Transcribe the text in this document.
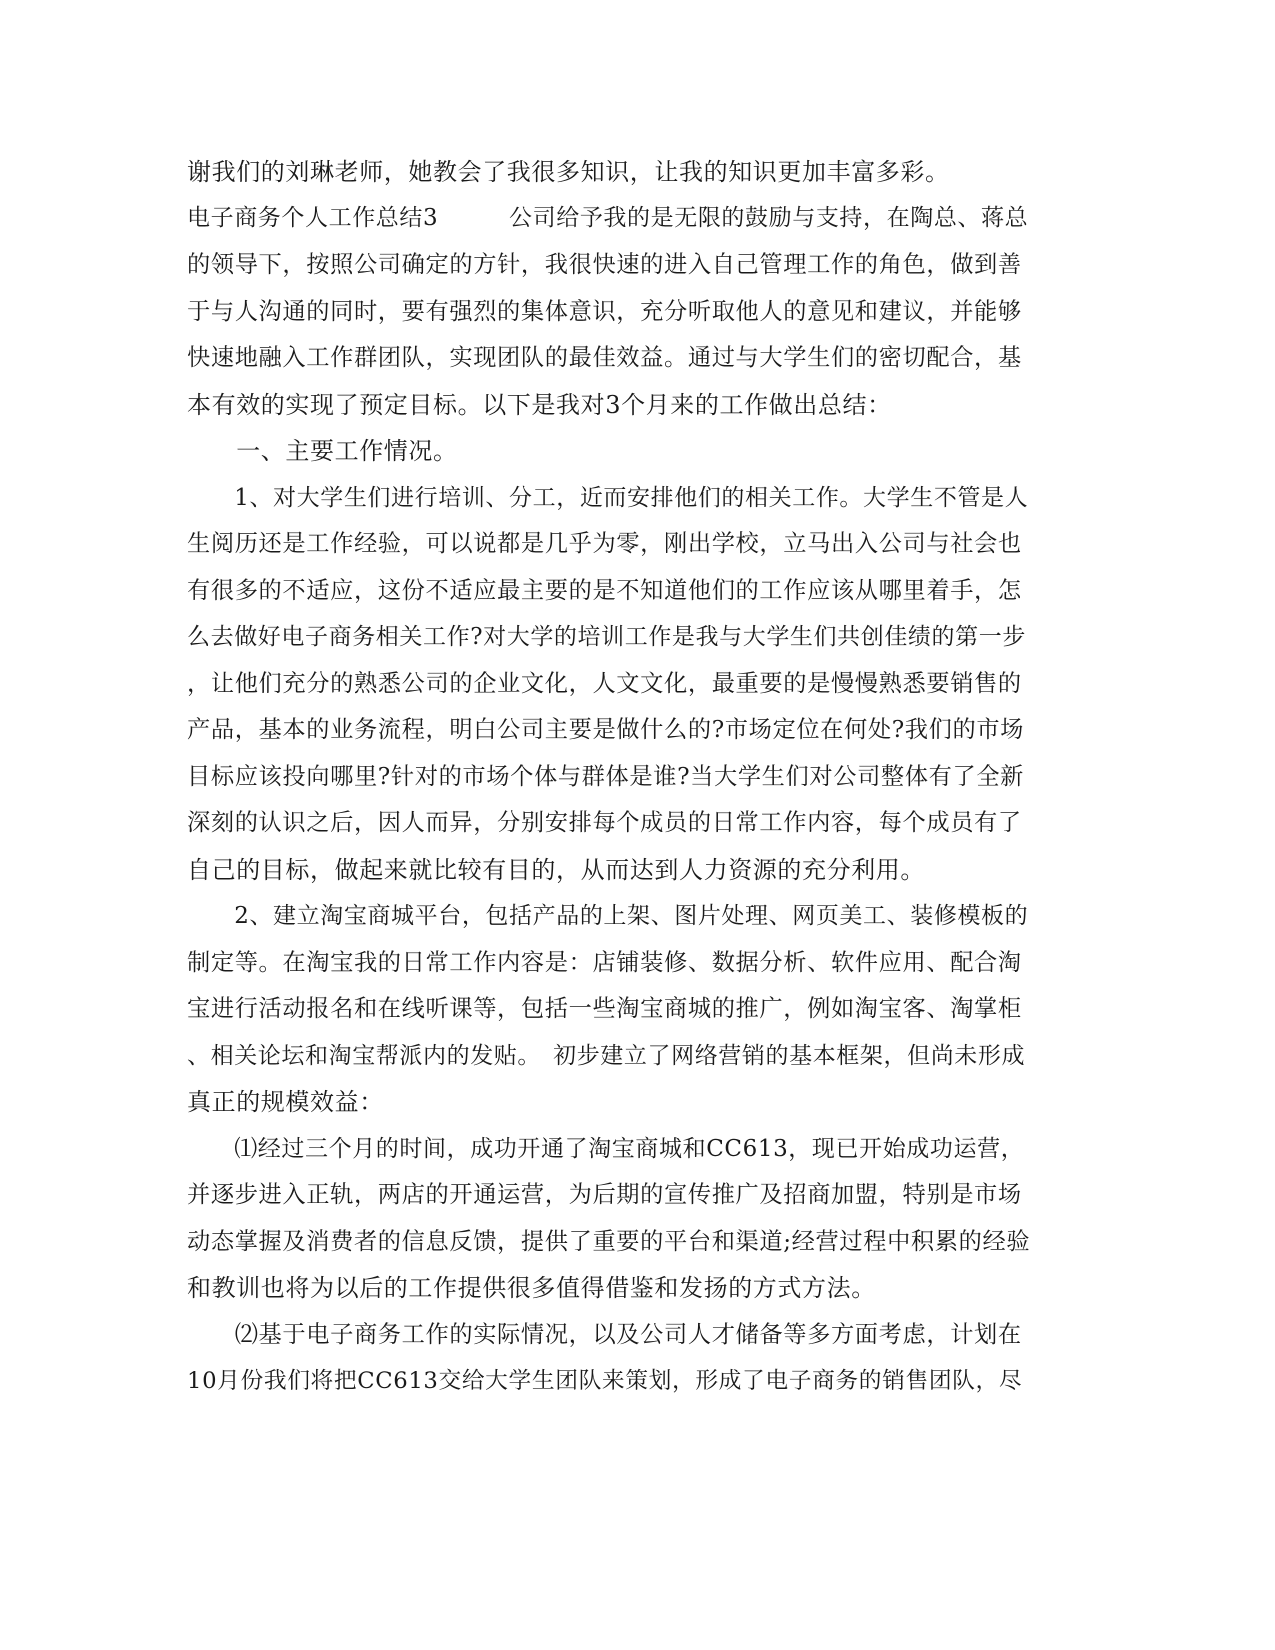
谢我们的刘琳老师，她教会了我很多知识，让我的知识更加丰富多彩。
电子商务个人工作总结3　　　公司给予我的是无限的鼓励与支持，在陶总、蒋总
的领导下，按照公司确定的方针，我很快速的进入自己管理工作的角色，做到善
于与人沟通的同时，要有强烈的集体意识，充分听取他人的意见和建议，并能够
快速地融入工作群团队，实现团队的最佳效益。通过与大学生们的密切配合，基
本有效的实现了预定目标。以下是我对3个月来的工作做出总结：
　　一、主要工作情况。
　　1、对大学生们进行培训、分工，近而安排他们的相关工作。大学生不管是人
生阅历还是工作经验，可以说都是几乎为零，刚出学校，立马出入公司与社会也
有很多的不适应，这份不适应最主要的是不知道他们的工作应该从哪里着手，怎
么去做好电子商务相关工作?对大学的培训工作是我与大学生们共创佳绩的第一步
，让他们充分的熟悉公司的企业文化，人文文化，最重要的是慢慢熟悉要销售的
产品，基本的业务流程，明白公司主要是做什么的?市场定位在何处?我们的市场
目标应该投向哪里?针对的市场个体与群体是谁?当大学生们对公司整体有了全新
深刻的认识之后，因人而异，分别安排每个成员的日常工作内容，每个成员有了
自己的目标，做起来就比较有目的，从而达到人力资源的充分利用。
　　2、建立淘宝商城平台，包括产品的上架、图片处理、网页美工、装修模板的
制定等。在淘宝我的日常工作内容是：店铺装修、数据分析、软件应用、配合淘
宝进行活动报名和在线听课等，包括一些淘宝商城的推广，例如淘宝客、淘掌柜
、相关论坛和淘宝帮派内的发贴。　初步建立了网络营销的基本框架，但尚未形成
真正的规模效益：
　　⑴经过三个月的时间，成功开通了淘宝商城和CC613，现已开始成功运营，
并逐步进入正轨，两店的开通运营，为后期的宣传推广及招商加盟，特别是市场
动态掌握及消费者的信息反馈，提供了重要的平台和渠道;经营过程中积累的经验
和教训也将为以后的工作提供很多值得借鉴和发扬的方式方法。
　　⑵基于电子商务工作的实际情况，以及公司人才储备等多方面考虑，计划在
10月份我们将把CC613交给大学生团队来策划，形成了电子商务的销售团队，尽
